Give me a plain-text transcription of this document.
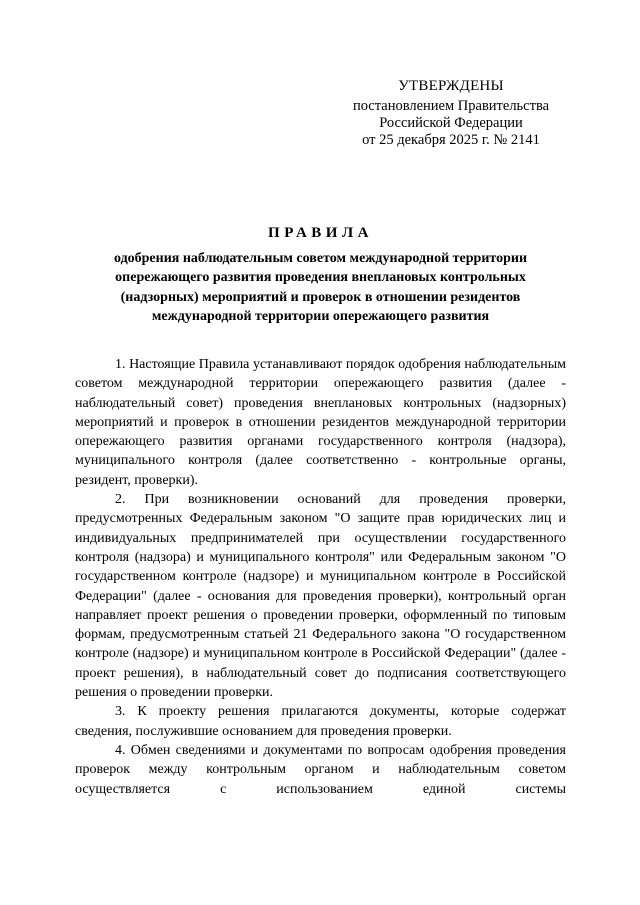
УТВЕРЖДЕНЫ
постановлением Правительства
Российской Федерации
от 25 декабря 2025 г. № 2141
ПРАВИЛА
одобрения наблюдательным советом международной территории
опережающего развития проведения внеплановых контрольных
(надзорных) мероприятий и проверок в отношении резидентов
международной территории опережающего развития

1. Настоящие Правила устанавливают порядок одобрения наблюдательным советом международной территории опережающего развития (далее - наблюдательный совет) проведения внеплановых контрольных (надзорных) мероприятий и проверок в отношении резидентов международной территории опережающего развития органами государственного контроля (надзора), муниципального контроля (далее соответственно - контрольные органы, резидент, проверки).

2. При возникновении оснований для проведения проверки, предусмотренных Федеральным законом "О защите прав юридических лиц и индивидуальных предпринимателей при осуществлении государственного контроля (надзора) и муниципального контроля" или Федеральным законом "О государственном контроле (надзоре) и муниципальном контроле в Российской Федерации" (далее - основания для проведения проверки), контрольный орган направляет проект решения о проведении проверки, оформленный по типовым формам, предусмотренным статьей 21 Федерального закона "О государственном контроле (надзоре) и муниципальном контроле в Российской Федерации" (далее - проект решения), в наблюдательный совет до подписания соответствующего решения о проведении проверки.

3. К проекту решения прилагаются документы, которые содержат сведения, послужившие основанием для проведения проверки.

4. Обмен сведениями и документами по вопросам одобрения проведения проверок между контрольным органом и наблюдательным советом осуществляется с использованием единой системы
